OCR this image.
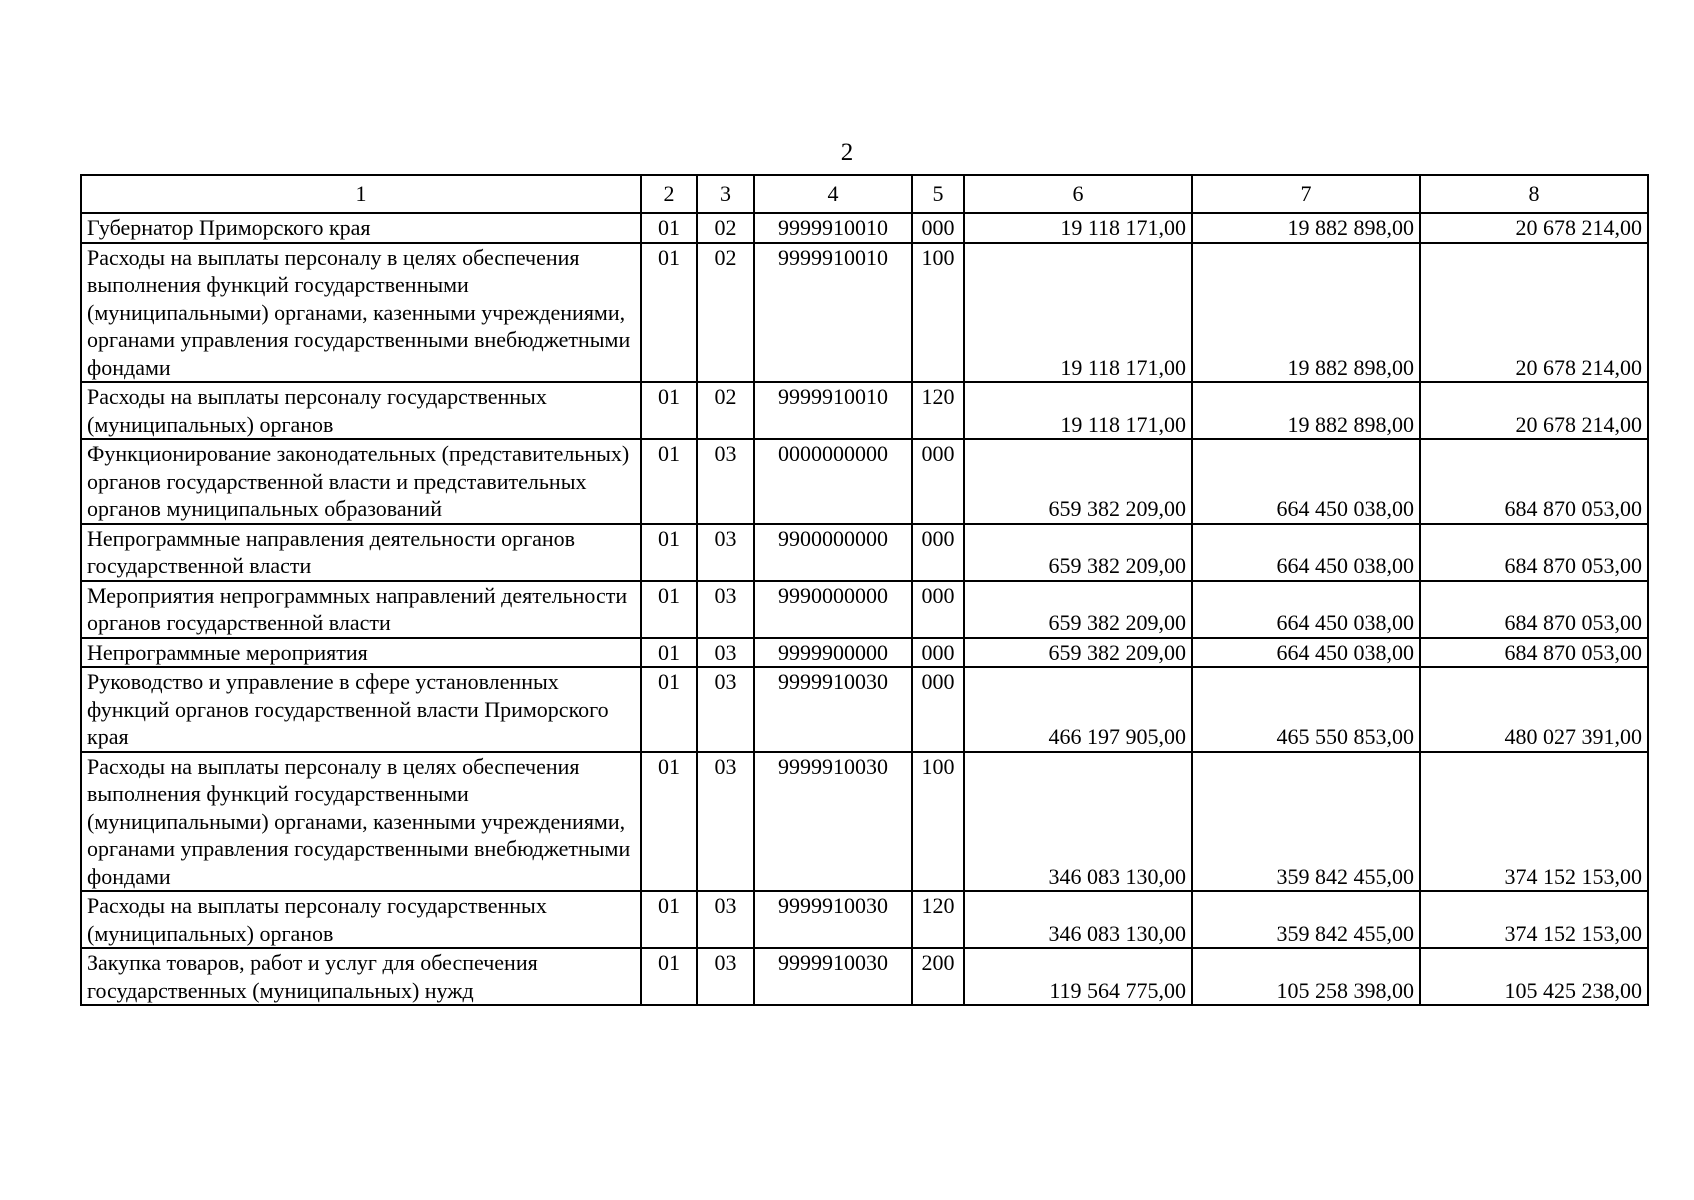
2
1	2	3	4	5	6	7	8
Губернатор Приморского края	01	02	9999910010	000	19 118 171,00	19 882 898,00	20 678 214,00
Расходы на выплаты персоналу в целях обеспечения выполнения функций государственными (муниципальными) органами, казенными учреждениями, органами управления государственными внебюджетными фондами	01	02	9999910010	100	19 118 171,00	19 882 898,00	20 678 214,00
Расходы на выплаты персоналу государственных (муниципальных) органов	01	02	9999910010	120	19 118 171,00	19 882 898,00	20 678 214,00
Функционирование законодательных (представительных) органов государственной власти и представительных органов муниципальных образований	01	03	0000000000	000	659 382 209,00	664 450 038,00	684 870 053,00
Непрограммные направления деятельности органов государственной власти	01	03	9900000000	000	659 382 209,00	664 450 038,00	684 870 053,00
Мероприятия непрограммных направлений деятельности органов государственной власти	01	03	9990000000	000	659 382 209,00	664 450 038,00	684 870 053,00
Непрограммные мероприятия	01	03	9999900000	000	659 382 209,00	664 450 038,00	684 870 053,00
Руководство и управление в сфере установленных функций органов государственной власти Приморского края	01	03	9999910030	000	466 197 905,00	465 550 853,00	480 027 391,00
Расходы на выплаты персоналу в целях обеспечения выполнения функций государственными (муниципальными) органами, казенными учреждениями, органами управления государственными внебюджетными фондами	01	03	9999910030	100	346 083 130,00	359 842 455,00	374 152 153,00
Расходы на выплаты персоналу государственных (муниципальных) органов	01	03	9999910030	120	346 083 130,00	359 842 455,00	374 152 153,00
Закупка товаров, работ и услуг для обеспечения государственных (муниципальных) нужд	01	03	9999910030	200	119 564 775,00	105 258 398,00	105 425 238,00
